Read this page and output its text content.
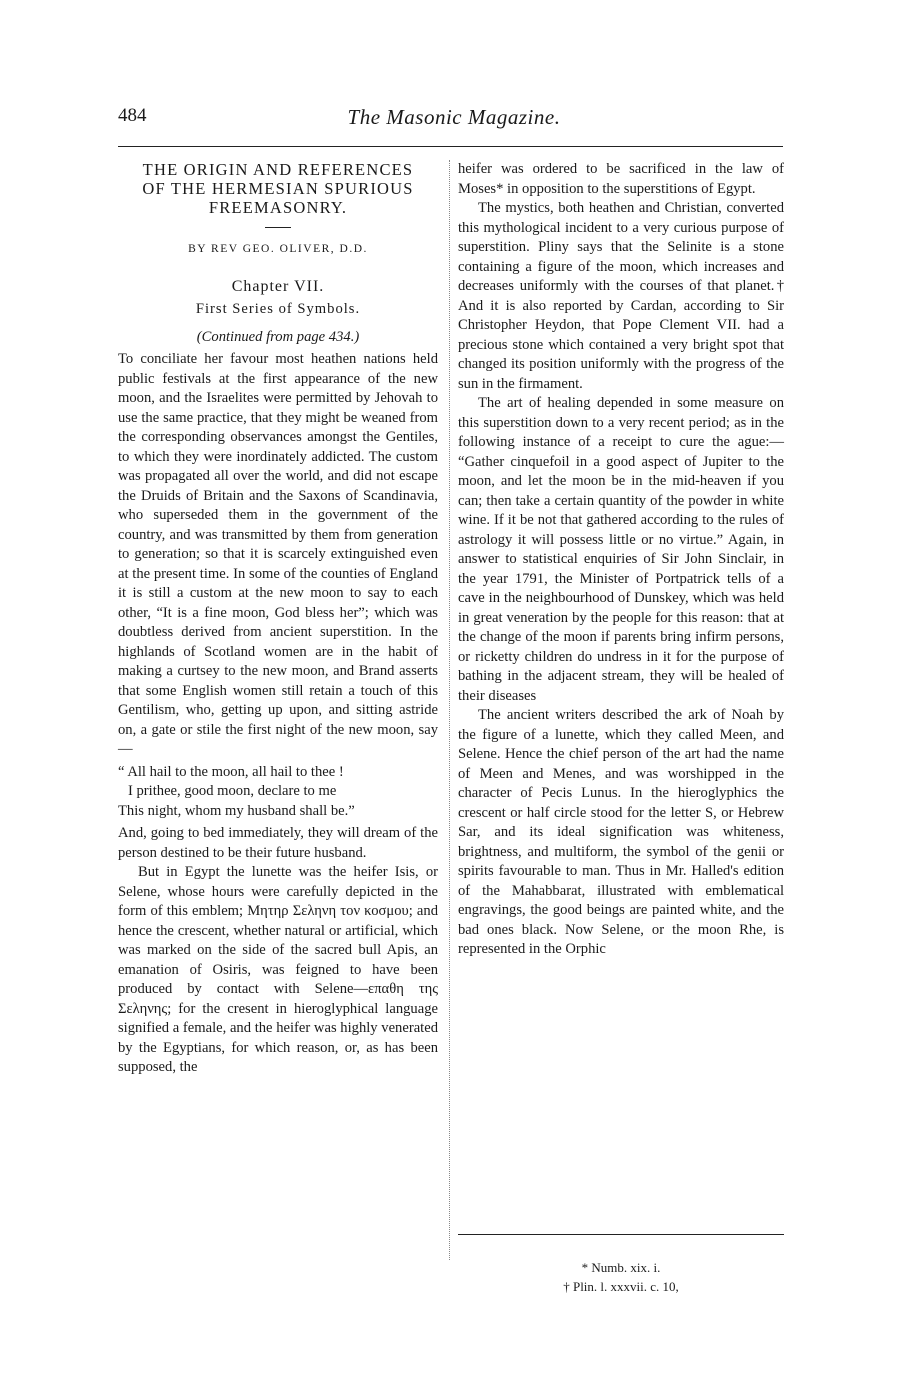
484	The Masonic Magazine.
THE ORIGIN AND REFERENCES
OF THE HERMESIAN SPURIOUS
FREEMASONRY.
BY REV GEO. OLIVER, D.D.
Chapter VII.
First Series of Symbols.
(Continued from page 434.)

To conciliate her favour most heathen nations held public festivals at the first appearance of the new moon, and the Israelites were permitted by Jehovah to use the same practice, that they might be weaned from the corresponding observances amongst the Gentiles, to which they were inordinately addicted. The custom was propagated all over the world, and did not escape the Druids of Britain and the Saxons of Scandinavia, who superseded them in the government of the country, and was transmitted by them from generation to generation; so that it is scarcely extinguished even at the present time. In some of the counties of England it is still a custom at the new moon to say to each other, “It is a fine moon, God bless her”; which was doubtless derived from ancient superstition. In the highlands of Scotland women are in the habit of making a curtsey to the new moon, and Brand asserts that some English women still retain a touch of this Gentilism, who, getting up upon, and sitting astride on, a gate or stile the first night of the new moon, say—

“ All hail to the moon, all hail to thee !
I prithee, good moon, declare to me
This night, whom my husband shall be.”

And, going to bed immediately, they will dream of the person destined to be their future husband.

But in Egypt the lunette was the heifer Isis, or Selene, whose hours were carefully depicted in the form of this emblem; Μητηρ Σεληνη τον κοσμου; and hence the crescent, whether natural or artificial, which was marked on the side of the sacred bull Apis, an emanation of Osiris, was feigned to have been produced by contact with Selene—επαθη της Σεληνης; for the cresent in hieroglyphical language signified a female, and the heifer was highly venerated by the Egyptians, for which reason, or, as has been supposed, the

heifer was ordered to be sacrificed in the law of Moses* in opposition to the superstitions of Egypt.

The mystics, both heathen and Christian, converted this mythological incident to a very curious purpose of superstition. Pliny says that the Selinite is a stone containing a figure of the moon, which increases and decreases uniformly with the courses of that planet.† And it is also reported by Cardan, according to Sir Christopher Heydon, that Pope Clement VII. had a precious stone which contained a very bright spot that changed its position uniformly with the progress of the sun in the firmament.

The art of healing depended in some measure on this superstition down to a very recent period; as in the following instance of a receipt to cure the ague:— “Gather cinquefoil in a good aspect of Jupiter to the moon, and let the moon be in the mid-heaven if you can; then take a certain quantity of the powder in white wine. If it be not that gathered according to the rules of astrology it will possess little or no virtue.” Again, in answer to statistical enquiries of Sir John Sinclair, in the year 1791, the Minister of Portpatrick tells of a cave in the neighbourhood of Dunskey, which was held in great veneration by the people for this reason: that at the change of the moon if parents bring infirm persons, or ricketty children do undress in it for the purpose of bathing in the adjacent stream, they will be healed of their diseases

The ancient writers described the ark of Noah by the figure of a lunette, which they called Meen, and Selene. Hence the chief person of the art had the name of Meen and Menes, and was worshipped in the character of Pecis Lunus. In the hieroglyphics the crescent or half circle stood for the letter S, or Hebrew Sar, and its ideal signification was whiteness, brightness, and multiform, the symbol of the genii or spirits favourable to man. Thus in Mr. Halled's edition of the Mahabbarat, illustrated with emblematical engravings, the good beings are painted white, and the bad ones black. Now Selene, or the moon Rhe, is represented in the Orphic

* Numb. xix. i.
† Plin. l. xxxvii. c. 10,
